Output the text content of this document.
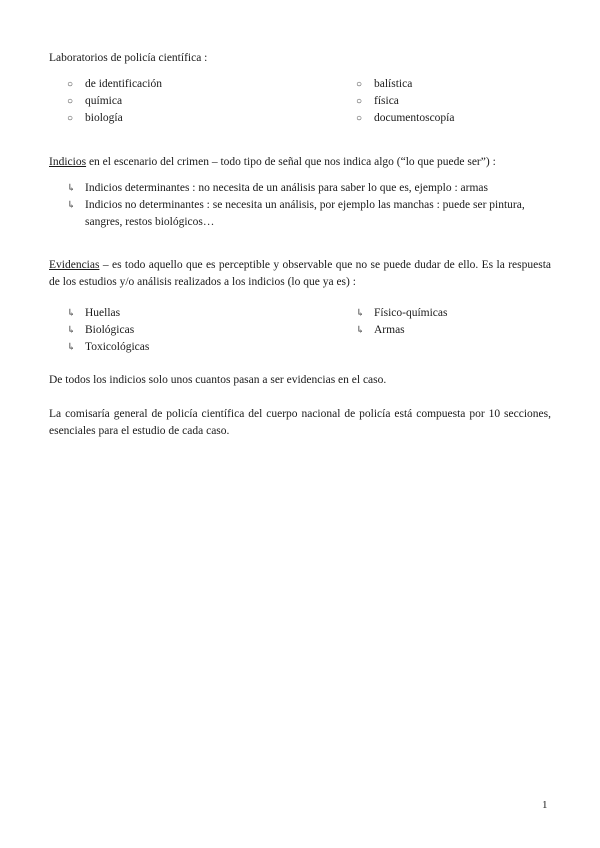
Laboratorios de policía científica :

○ de identificación
○ química
○ biología
○ balística
○ física
○ documentoscopía

Indicios en el escenario del crimen – todo tipo de señal que nos indica algo (“lo que puede ser”) :

↳ Indicios determinantes : no necesita de un análisis para saber lo que es, ejemplo : armas
↳ Indicios no determinantes : se necesita un análisis, por ejemplo las manchas : puede ser pintura, sangres, restos biológicos…

Evidencias – es todo aquello que es perceptible y observable que no se puede dudar de ello. Es la respuesta de los estudios y/o análisis realizados a los indicios (lo que ya es) :

↳ Huellas
↳ Biológicas
↳ Toxicológicas
↳ Físico-químicas
↳ Armas

De todos los indicios solo unos cuantos pasan a ser evidencias en el caso.

La comisaría general de policía científica del cuerpo nacional de policía está compuesta por 10 secciones, esenciales para el estudio de cada caso.

1
